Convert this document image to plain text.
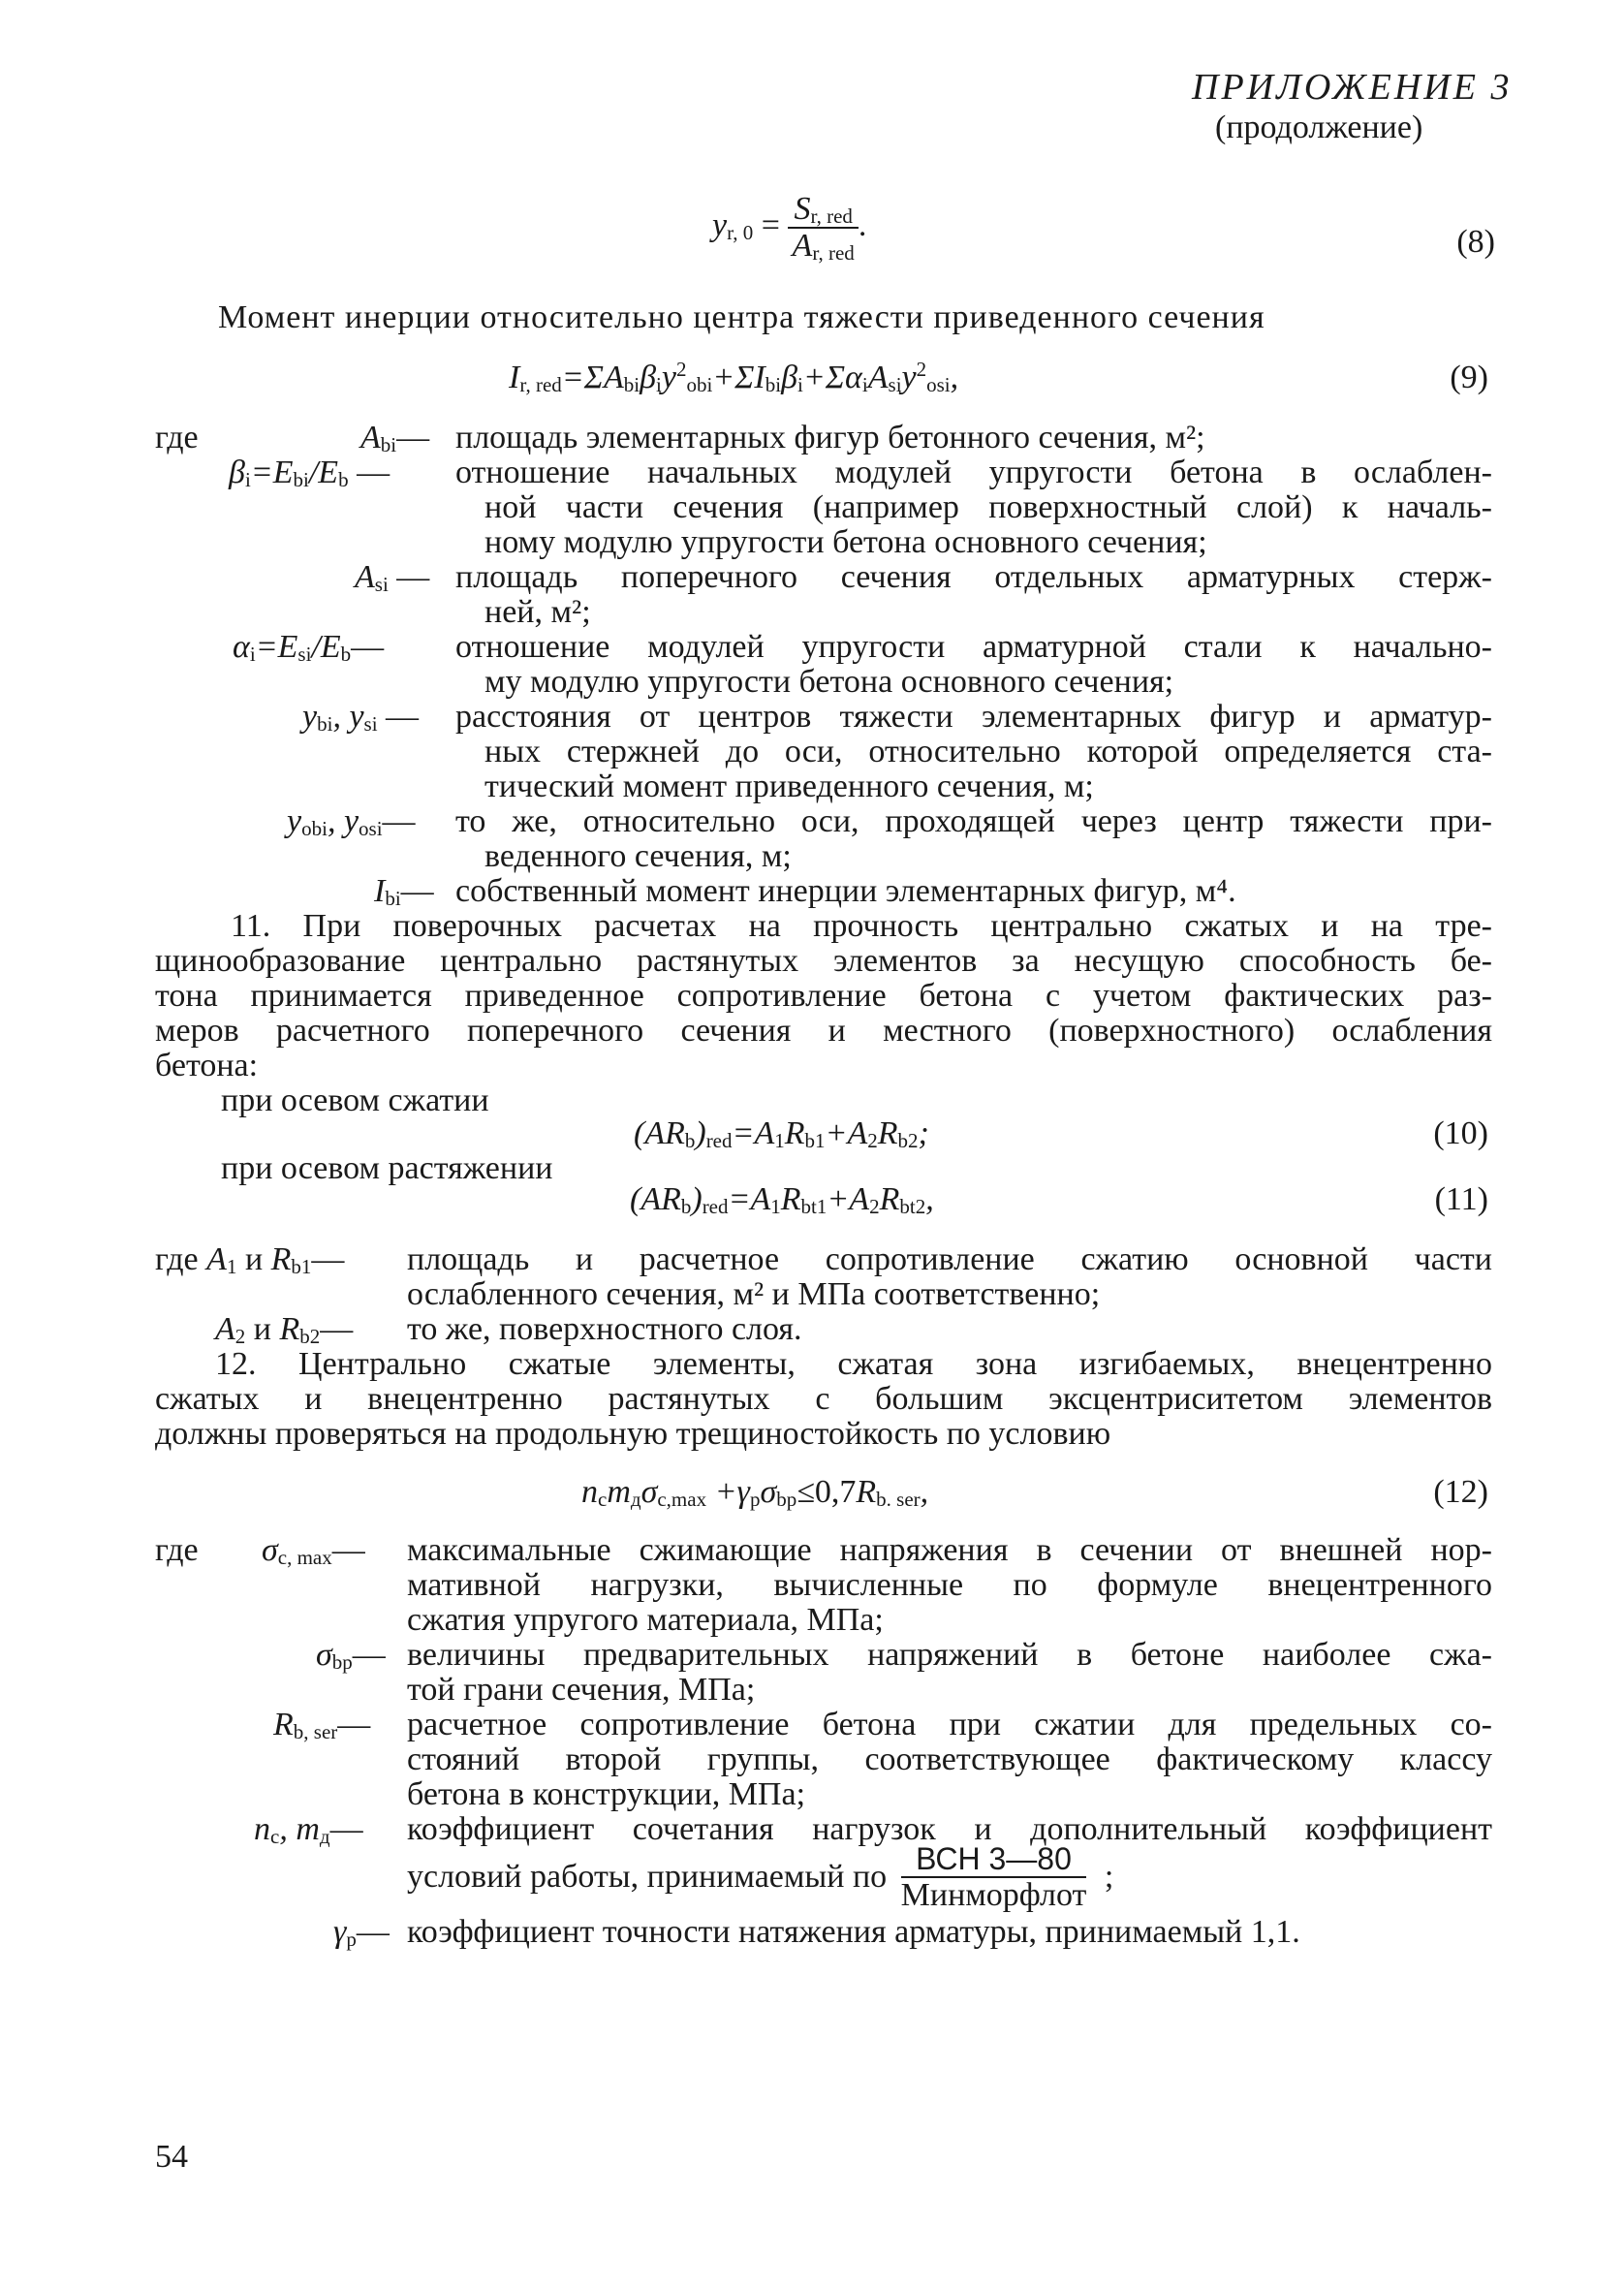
ПРИЛОЖЕНИЕ 3
(продолжение)
$y_{r, 0} = \frac{S_{r, red}}{A_{r, red}}$ .	(8)
Момент инерции относительно центра тяжести приведенного сечения
$I_{r, red}=\Sigma A_{bi}\beta_iy^2_{obi}+\Sigma I_{bi}\beta_i+\Sigma\alpha_iA_{si}y^2_{osi}$,	(9)
где	$A_{bi}—$ площадь элементарных фигур бетонного сечения, м²;
$\beta_i=E_{bi}/E_b$ — отношение начальных модулей упругости бетона в ослаблен-
ной части сечения (например поверхностный слой) к началь-
ному модулю упругости бетона основного сечения;
$A_{si}$ — площадь поперечного сечения отдельных арматурных стерж-
ней, м²;
$\alpha_i=E_{si}/E_b—$ отношение модулей упругости арматурной стали к начально-
му модулю упругости бетона основного сечения;
$y_{bi}$, $y_{si}$ — расстояния от центров тяжести элементарных фигур и арматур-
ных стержней до оси, относительно которой определяется ста-
тический момент приведенного сечения, м;
$y_{obi}$, $y_{osi}—$ то же, относительно оси, проходящей через центр тяжести при-
веденного сечения, м;
$I_{bi}—$ собственный момент инерции элементарных фигур, м⁴.
11. При поверочных расчетах на прочность центрально сжатых и на тре-
щинообразование центрально растянутых элементов за несущую способность бе-
тона принимается приведенное сопротивление бетона с учетом фактических раз-
меров расчетного поперечного сечения и местного (поверхностного) ослабления
бетона:
при осевом сжатии
$(AR_b)_{red}=A_1R_{b1}+A_2R_{b2}$;	(10)
при осевом растяжении
$(AR_b)_{red}=A_1R_{bt1}+A_2R_{bt2}$,	(11)
где $A_1$ и $R_{b1}—$ площадь и расчетное сопротивление сжатию основной части
ослабленного сечения, м² и МПа соответственно;
$A_2$ и $R_{b2}—$ то же, поверхностного слоя.
12. Центрально сжатые элементы, сжатая зона изгибаемых, внецентренно
сжатых и внецентренно растянутых с большим эксцентриситетом элементов
должны проверяться на продольную трещиностойкость по условию
$n_cm_д\sigma_{c,max} +\gamma_p\sigma_{bp}\le 0,7R_{b. ser}$,	(12)
где $\sigma_{c, max}—$ максимальные сжимающие напряжения в сечении от внешней нор-
мативной нагрузки, вычисленные по формуле внецентренного
сжатия упругого материала, МПа;
$\sigma_{bp}—$ величины предварительных напряжений в бетоне наиболее сжа-
той грани сечения, МПа;
$R_{b, ser}—$ расчетное сопротивление бетона при сжатии для предельных со-
стояний второй группы, соответствующее фактическому классу
бетона в конструкции, МПа;
$n_c$, $m_д—$ коэффициент сочетания нагрузок и дополнительный коэффициент
условий работы, принимаемый по $\frac{\text{ВСН 3—80}}{\text{Минморфлот}}$ ;
$\gamma_p—$ коэффициент точности натяжения арматуры, принимаемый 1,1.
54
